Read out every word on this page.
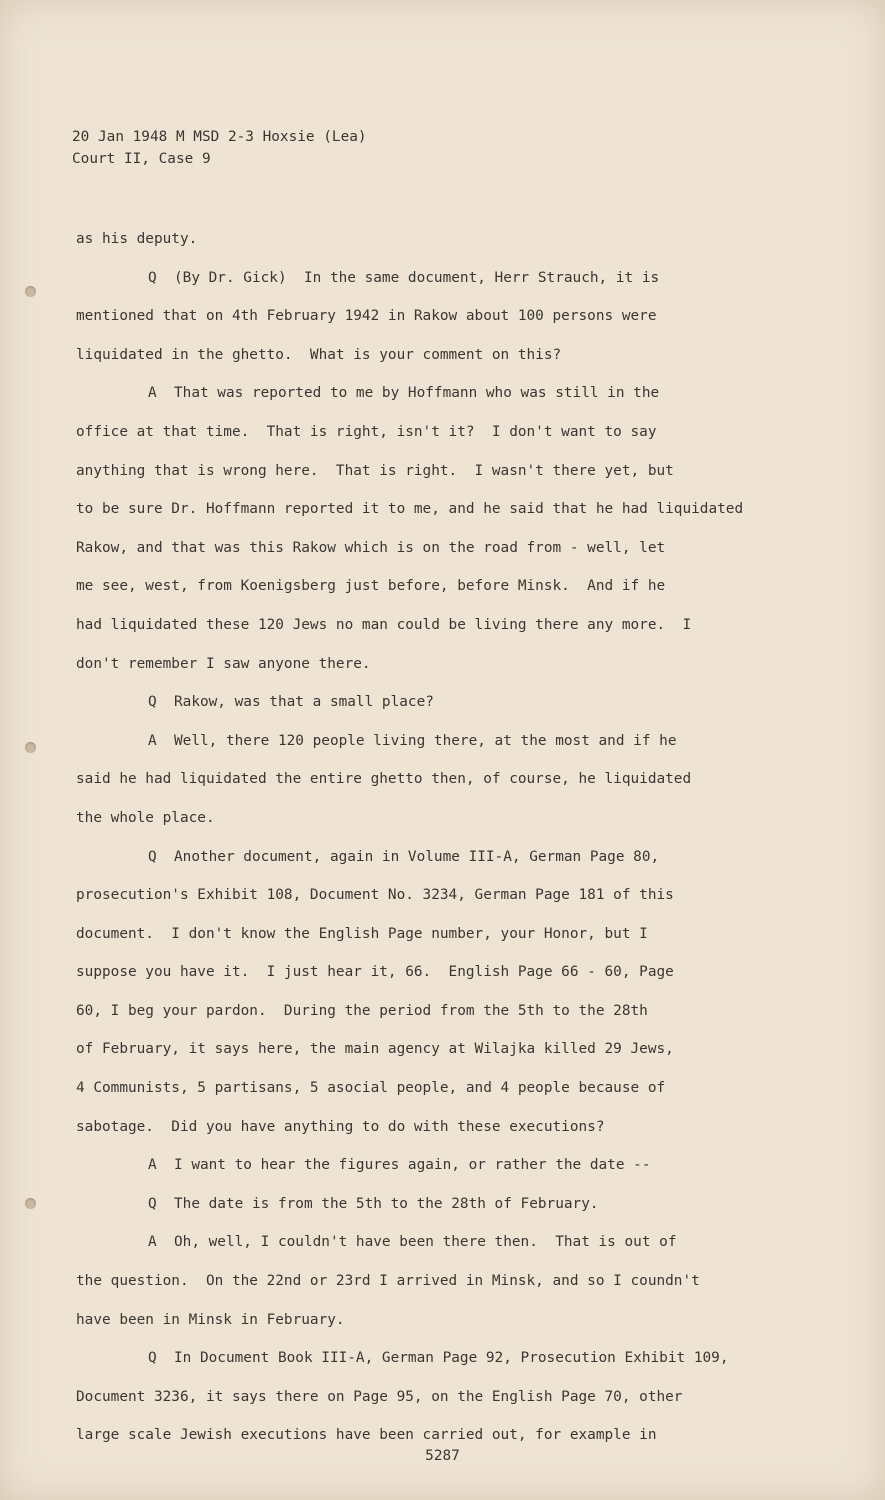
20 Jan 1948 M MSD 2-3 Hoxsie (Lea)
Court II, Case 9
as his deputy.
Q  (By Dr. Gick)  In the same document, Herr Strauch, it is
mentioned that on 4th February 1942 in Rakow about 100 persons were
liquidated in the ghetto.  What is your comment on this?
A  That was reported to me by Hoffmann who was still in the
office at that time.  That is right, isn't it?  I don't want to say
anything that is wrong here.  That is right.  I wasn't there yet, but
to be sure Dr. Hoffmann reported it to me, and he said that he had liquidated
Rakow, and that was this Rakow which is on the road from - well, let
me see, west, from Koenigsberg just before, before Minsk.  And if he
had liquidated these 120 Jews no man could be living there any more.  I
don't remember I saw anyone there.
Q  Rakow, was that a small place?
A  Well, there 120 people living there, at the most and if he
said he had liquidated the entire ghetto then, of course, he liquidated
the whole place.
Q  Another document, again in Volume III-A, German Page 80,
prosecution's Exhibit 108, Document No. 3234, German Page 181 of this
document.  I don't know the English Page number, your Honor, but I
suppose you have it.  I just hear it, 66.  English Page 66 - 60, Page
60, I beg your pardon.  During the period from the 5th to the 28th
of February, it says here, the main agency at Wilajka killed 29 Jews,
4 Communists, 5 partisans, 5 asocial people, and 4 people because of
sabotage.  Did you have anything to do with these executions?
A  I want to hear the figures again, or rather the date --
Q  The date is from the 5th to the 28th of February.
A  Oh, well, I couldn't have been there then.  That is out of
the question.  On the 22nd or 23rd I arrived in Minsk, and so I coundn't
have been in Minsk in February.
Q  In Document Book III-A, German Page 92, Prosecution Exhibit 109,
Document 3236, it says there on Page 95, on the English Page 70, other
large scale Jewish executions have been carried out, for example in
5287
